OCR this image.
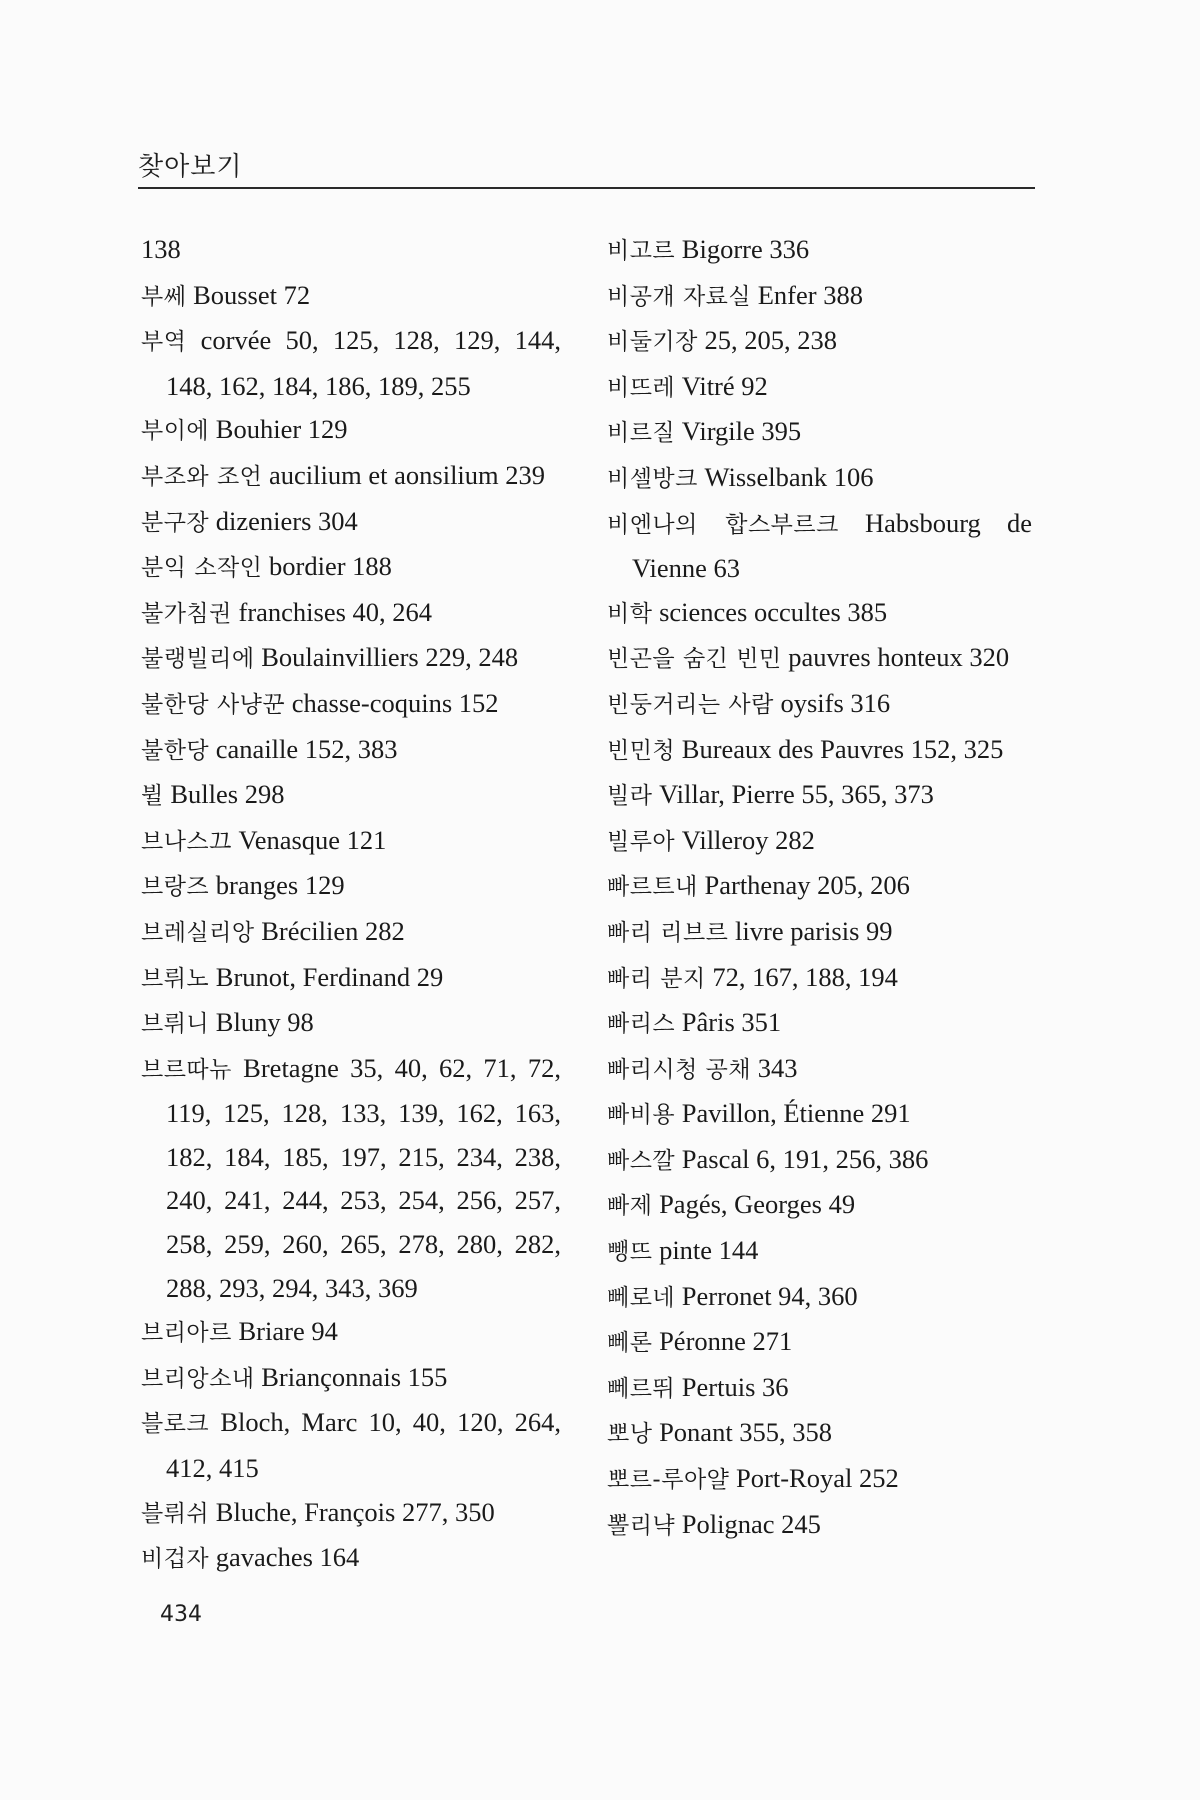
찾아보기
138
부쎄 Bousset 72
부역 corvée 50, 125, 128, 129, 144, 148, 162, 184, 186, 189, 255
부이에 Bouhier 129
부조와 조언 aucilium et aonsilium 239
분구장 dizeniers 304
분익 소작인 bordier 188
불가침권 franchises 40, 264
불랭빌리에 Boulainvilliers 229, 248
불한당 사냥꾼 chasse-coquins 152
불한당 canaille 152, 383
뷜 Bulles 298
브나스끄 Venasque 121
브랑즈 branges 129
브레실리앙 Brécilien 282
브뤼노 Brunot, Ferdinand 29
브뤼니 Bluny 98
브르따뉴 Bretagne 35, 40, 62, 71, 72, 119, 125, 128, 133, 139, 162, 163, 182, 184, 185, 197, 215, 234, 238, 240, 241, 244, 253, 254, 256, 257, 258, 259, 260, 265, 278, 280, 282, 288, 293, 294, 343, 369
브리아르 Briare 94
브리앙소내 Briançonnais 155
블로크 Bloch, Marc 10, 40, 120, 264, 412, 415
블뤼쉬 Bluche, François 277, 350
비겁자 gavaches 164
비고르 Bigorre 336
비공개 자료실 Enfer 388
비둘기장 25, 205, 238
비뜨레 Vitré 92
비르질 Virgile 395
비셀방크 Wisselbank 106
비엔나의 합스부르크 Habsbourg de Vienne 63
비학 sciences occultes 385
빈곤을 숨긴 빈민 pauvres honteux 320
빈둥거리는 사람 oysifs 316
빈민청 Bureaux des Pauvres 152, 325
빌라 Villar, Pierre 55, 365, 373
빌루아 Villeroy 282
빠르트내 Parthenay 205, 206
빠리 리브르 livre parisis 99
빠리 분지 72, 167, 188, 194
빠리스 Pâris 351
빠리시청 공채 343
빠비용 Pavillon, Étienne 291
빠스깔 Pascal 6, 191, 256, 386
빠제 Pagés, Georges 49
뺑뜨 pinte 144
뻬로네 Perronet 94, 360
뻬론 Péronne 271
뻬르뛰 Pertuis 36
뽀낭 Ponant 355, 358
뽀르-루아얄 Port-Royal 252
뽈리냑 Polignac 245
434
